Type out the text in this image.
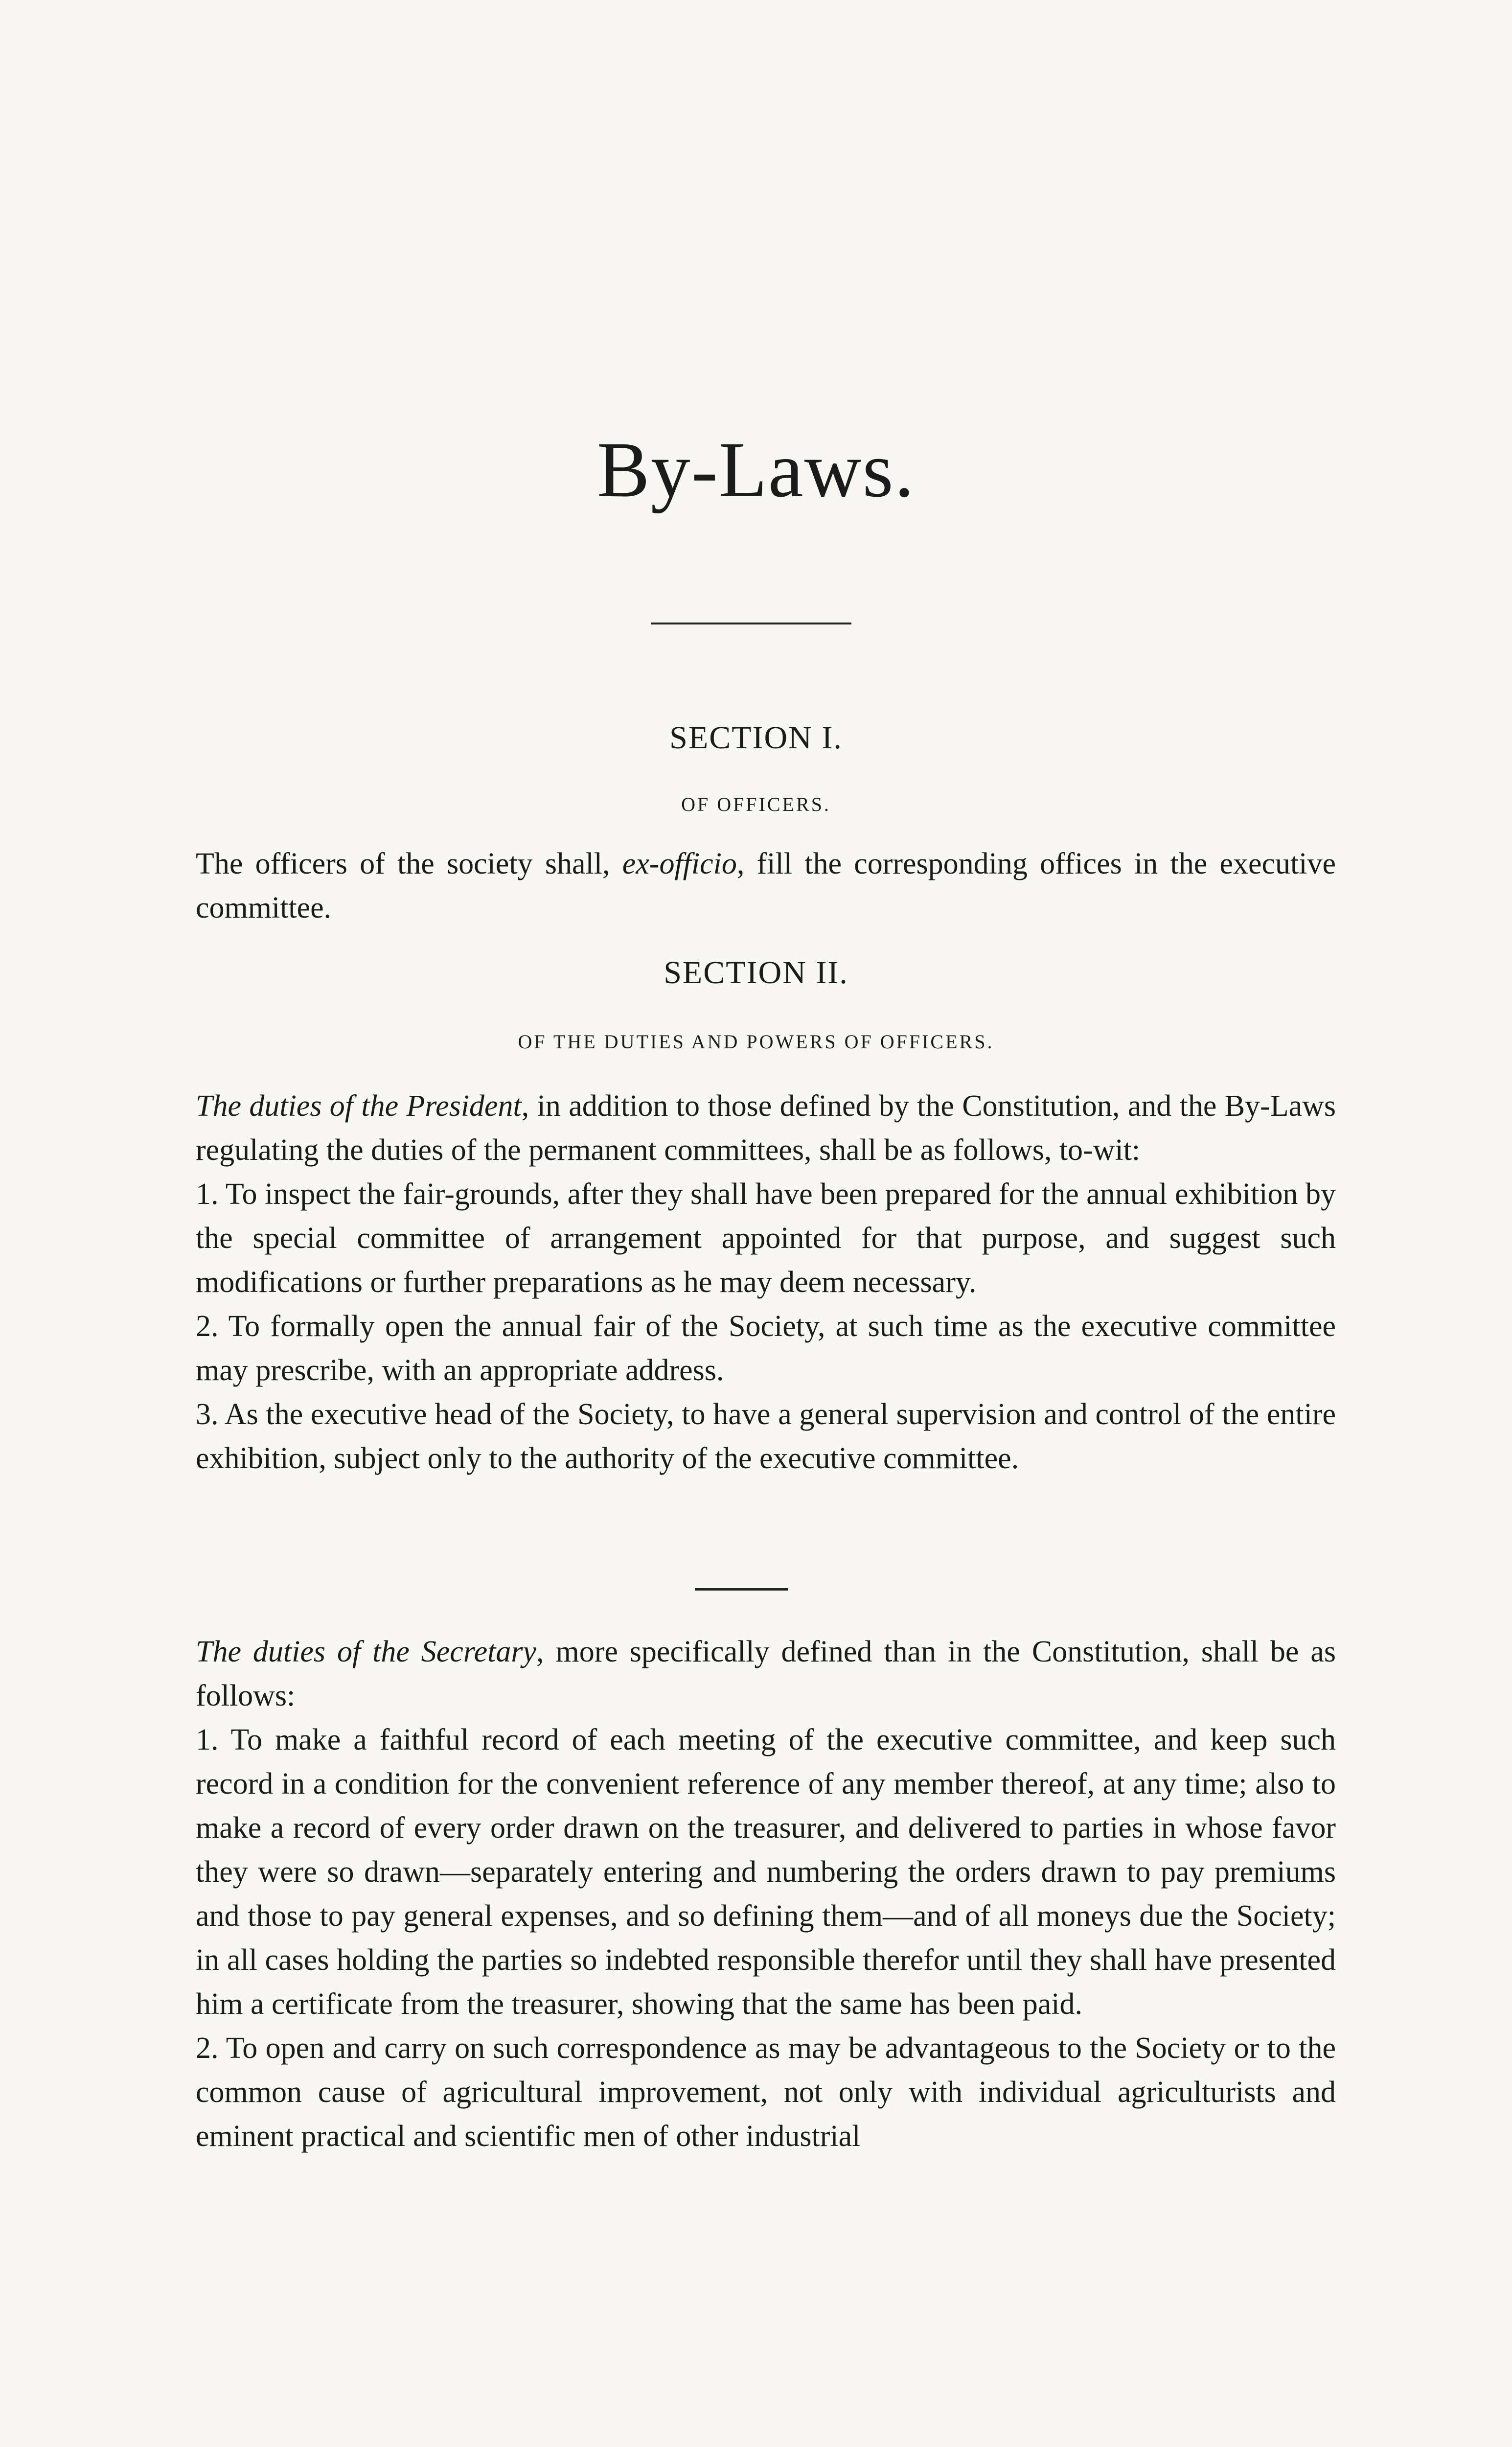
By-Laws.
SECTION I.
OF OFFICERS.

The officers of the society shall, ex-officio, fill the corresponding offices in the executive committee.

SECTION II.
OF THE DUTIES AND POWERS OF OFFICERS.

The duties of the President, in addition to those defined by the Constitution, and the By-Laws regulating the duties of the permanent committees, shall be as follows, to-wit:

1. To inspect the fair-grounds, after they shall have been prepared for the annual exhibition by the special committee of arrangement appointed for that purpose, and suggest such modifications or further preparations as he may deem necessary.

2. To formally open the annual fair of the Society, at such time as the executive committee may prescribe, with an appropriate address.

3. As the executive head of the Society, to have a general supervision and control of the entire exhibition, subject only to the authority of the executive committee.

The duties of the Secretary, more specifically defined than in the Constitution, shall be as follows:

1. To make a faithful record of each meeting of the executive committee, and keep such record in a condition for the convenient reference of any member thereof, at any time; also to make a record of every order drawn on the treasurer, and delivered to parties in whose favor they were so drawn—separately entering and numbering the orders drawn to pay premiums and those to pay general expenses, and so defining them—and of all moneys due the Society; in all cases holding the parties so indebted responsible therefor until they shall have presented him a certificate from the treasurer, showing that the same has been paid.

2. To open and carry on such correspondence as may be advantageous to the Society or to the common cause of agricultural improvement, not only with individual agriculturists and eminent practical and scientific men of other industrial
